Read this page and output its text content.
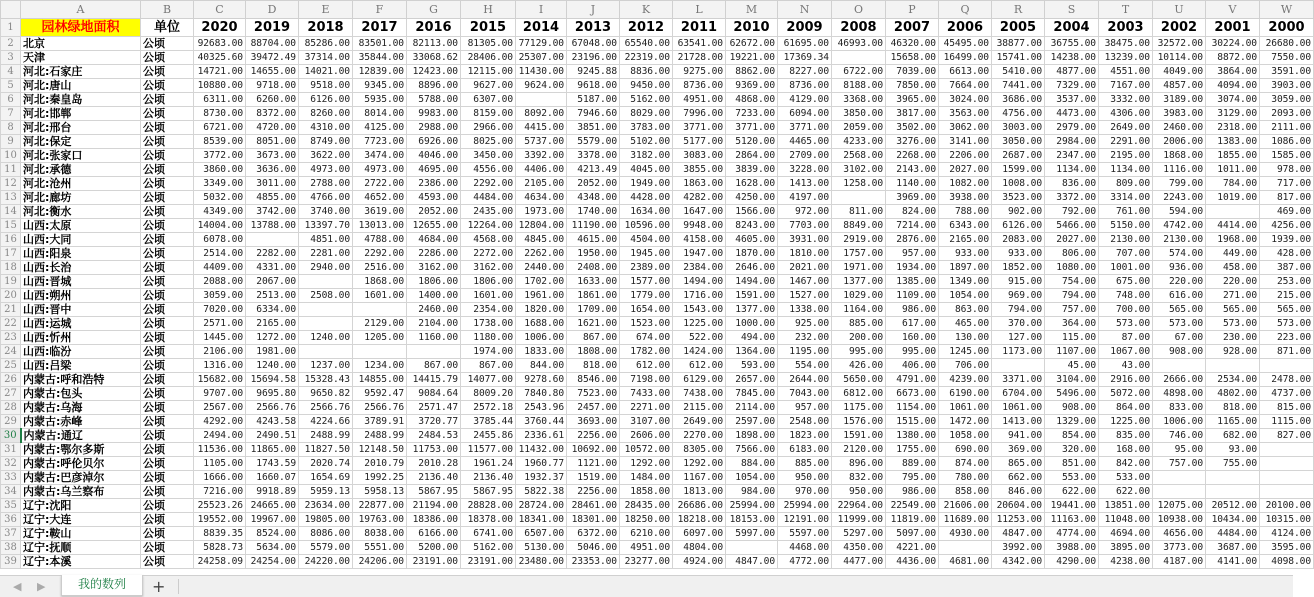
	A	B	C	D	E	F	G	H	I	J	K	L	M	N	O	P	Q	R	S	T	U	V	W
1	园林绿地面积	单位	2020	2019	2018	2017	2016	2015	2014	2013	2012	2011	2010	2009	2008	2007	2006	2005	2004	2003	2002	2001	2000
2	北京	公顷	92683.00	88704.00	85286.00	83501.00	82113.00	81305.00	77129.00	67048.00	65540.00	63541.00	62672.00	61695.00	46993.00	46320.00	45495.00	38877.00	36755.00	38475.00	32572.00	30224.00	26680.00
3	天津	公顷	40325.60	39472.49	37314.00	35844.00	33068.62	28406.00	25307.00	23196.00	22319.00	21728.00	19221.00	17369.34		15658.00	16499.00	15741.00	14238.00	13239.00	10114.00	8872.00	7550.00
4	河北:石家庄	公顷	14721.00	14655.00	14021.00	12839.00	12423.00	12115.00	11430.00	9245.88	8836.00	9275.00	8862.00	8227.00	6722.00	7039.00	6613.00	5410.00	4877.00	4551.00	4049.00	3864.00	3591.00
5	河北:唐山	公顷	10880.00	9718.00	9518.00	9345.00	8896.00	9627.00	9624.00	9618.00	9450.00	8736.00	9369.00	8736.00	8188.00	7850.00	7664.00	7441.00	7329.00	7167.00	4857.00	4094.00	3903.00
6	河北:秦皇岛	公顷	6311.00	6260.00	6126.00	5935.00	5788.00	6307.00		5187.00	5162.00	4951.00	4868.00	4129.00	3368.00	3965.00	3024.00	3686.00	3537.00	3332.00	3189.00	3074.00	3059.00
7	河北:邯郸	公顷	8730.00	8372.00	8260.00	8014.00	9983.00	8159.00	8092.00	7946.60	8029.00	7996.00	7233.00	6094.00	3850.00	3817.00	3563.00	4756.00	4473.00	4306.00	3983.00	3129.00	2093.00
8	河北:邢台	公顷	6721.00	4720.00	4310.00	4125.00	2988.00	2966.00	4415.00	3851.00	3783.00	3771.00	3771.00	3771.00	2059.00	3502.00	3062.00	3003.00	2979.00	2649.00	2460.00	2318.00	2111.00
9	河北:保定	公顷	8539.00	8051.00	8749.00	7723.00	6926.00	8025.00	5737.00	5579.00	5102.00	5177.00	5120.00	4465.00	4233.00	3276.00	3141.00	3050.00	2984.00	2291.00	2006.00	1383.00	1086.00
10	河北:张家口	公顷	3772.00	3673.00	3622.00	3474.00	4046.00	3450.00	3392.00	3378.00	3182.00	3083.00	2864.00	2709.00	2568.00	2268.00	2206.00	2687.00	2347.00	2195.00	1868.00	1855.00	1585.00
11	河北:承德	公顷	3860.00	3636.00	4973.00	4973.00	4695.00	4556.00	4406.00	4213.49	4045.00	3855.00	3839.00	3228.00	3102.00	2143.00	2027.00	1599.00	1134.00	1134.00	1116.00	1011.00	978.00
12	河北:沧州	公顷	3349.00	3011.00	2788.00	2722.00	2386.00	2292.00	2105.00	2052.00	1949.00	1863.00	1628.00	1413.00	1258.00	1140.00	1082.00	1008.00	836.00	809.00	799.00	784.00	717.00
13	河北:廊坊	公顷	5032.00	4855.00	4766.00	4652.00	4593.00	4484.00	4634.00	4348.00	4428.00	4282.00	4250.00	4197.00		3969.00	3938.00	3523.00	3372.00	3314.00	2243.00	1019.00	817.00
14	河北:衡水	公顷	4349.00	3742.00	3740.00	3619.00	2052.00	2435.00	1973.00	1740.00	1634.00	1647.00	1566.00	972.00	811.00	824.00	788.00	902.00	792.00	761.00	594.00		469.00
15	山西:太原	公顷	14004.00	13788.00	13397.70	13013.00	12655.00	12264.00	12804.00	11190.00	10596.00	9948.00	8243.00	7703.00	8849.00	7214.00	6343.00	6126.00	5466.00	5150.00	4742.00	4414.00	4256.00
16	山西:大同	公顷	6078.00		4851.00	4788.00	4684.00	4568.00	4845.00	4615.00	4504.00	4158.00	4605.00	3931.00	2919.00	2876.00	2165.00	2083.00	2027.00	2130.00	2130.00	1968.00	1939.00
17	山西:阳泉	公顷	2514.00	2282.00	2281.00	2292.00	2286.00	2272.00	2262.00	1950.00	1945.00	1947.00	1870.00	1810.00	1757.00	957.00	933.00	933.00	806.00	707.00	574.00	449.00	428.00
18	山西:长治	公顷	4409.00	4331.00	2940.00	2516.00	3162.00	3162.00	2440.00	2408.00	2389.00	2384.00	2646.00	2021.00	1971.00	1934.00	1897.00	1852.00	1080.00	1001.00	936.00	458.00	387.00
19	山西:晋城	公顷	2088.00	2067.00		1868.00	1806.00	1806.00	1702.00	1633.00	1577.00	1494.00	1494.00	1467.00	1377.00	1385.00	1349.00	915.00	754.00	675.00	220.00	220.00	253.00
20	山西:朔州	公顷	3059.00	2513.00	2508.00	1601.00	1400.00	1601.00	1961.00	1861.00	1779.00	1716.00	1591.00	1527.00	1029.00	1109.00	1054.00	969.00	794.00	748.00	616.00	271.00	215.00
21	山西:晋中	公顷	7020.00	6334.00			2460.00	2354.00	1820.00	1709.00	1654.00	1543.00	1377.00	1338.00	1164.00	986.00	863.00	794.00	757.00	700.00	565.00	565.00	565.00
22	山西:运城	公顷	2571.00	2165.00		2129.00	2104.00	1738.00	1688.00	1621.00	1523.00	1225.00	1000.00	925.00	885.00	617.00	465.00	370.00	364.00	573.00	573.00	573.00	573.00
23	山西:忻州	公顷	1445.00	1272.00	1240.00	1205.00	1160.00	1180.00	1006.00	867.00	674.00	522.00	494.00	232.00	200.00	160.00	130.00	127.00	115.00	87.00	67.00	230.00	223.00
24	山西:临汾	公顷	2106.00	1981.00				1974.00	1833.00	1808.00	1782.00	1424.00	1364.00	1195.00	995.00	995.00	1245.00	1173.00	1107.00	1067.00	908.00	928.00	871.00
25	山西:吕梁	公顷	1316.00	1240.00	1237.00	1234.00	867.00	867.00	844.00	818.00	612.00	612.00	593.00	554.00	426.00	406.00	706.00		45.00	43.00			
26	内蒙古:呼和浩特	公顷	15682.00	15694.58	15328.43	14855.00	14415.79	14077.00	9278.60	8546.00	7198.00	6129.00	2657.00	2644.00	5650.00	4791.00	4239.00	3371.00	3104.00	2916.00	2666.00	2534.00	2478.00
27	内蒙古:包头	公顷	9707.00	9695.80	9650.82	9592.47	9084.64	8009.20	7840.80	7523.00	7433.00	7438.00	7845.00	7043.00	6812.00	6673.00	6190.00	6704.00	5496.00	5072.00	4898.00	4802.00	4737.00
28	内蒙古:乌海	公顷	2567.00	2566.76	2566.76	2566.76	2571.47	2572.18	2543.96	2457.00	2271.00	2115.00	2114.00	957.00	1175.00	1154.00	1061.00	1061.00	908.00	864.00	833.00	818.00	815.00
29	内蒙古:赤峰	公顷	4292.00	4243.58	4224.66	3789.91	3720.77	3785.44	3760.44	3693.00	3107.00	2649.00	2597.00	2548.00	1576.00	1515.00	1472.00	1413.00	1329.00	1225.00	1006.00	1165.00	1115.00
30	内蒙古:通辽	公顷	2494.00	2490.51	2488.99	2488.99	2484.53	2455.86	2336.61	2256.00	2606.00	2270.00	1898.00	1823.00	1591.00	1380.00	1058.00	941.00	854.00	835.00	746.00	682.00	827.00
31	内蒙古:鄂尔多斯	公顷	11536.00	11865.00	11827.50	12148.50	11753.00	11577.00	11432.00	10692.00	10572.00	8305.00	7566.00	6183.00	2120.00	1755.00	690.00	369.00	320.00	168.00	95.00	93.00	
32	内蒙古:呼伦贝尔	公顷	1105.00	1743.59	2020.74	2010.79	2010.28	1961.24	1960.77	1121.00	1292.00	1292.00	884.00	885.00	896.00	889.00	874.00	865.00	851.00	842.00	757.00	755.00	
33	内蒙古:巴彦淖尔	公顷	1666.00	1660.07	1654.69	1992.25	2136.40	2136.40	1932.37	1519.00	1484.00	1167.00	1054.00	950.00	832.00	795.00	780.00	662.00	553.00	533.00			
34	内蒙古:乌兰察布	公顷	7216.00	9918.89	5959.13	5958.13	5867.95	5867.95	5822.38	2256.00	1858.00	1813.00	984.00	970.00	950.00	986.00	858.00	846.00	622.00	622.00			
35	辽宁:沈阳	公顷	25523.26	24665.00	23634.00	22877.00	21194.00	28828.00	28724.00	28461.00	28435.00	26686.00	25994.00	25994.00	22964.00	22549.00	21606.00	20604.00	19441.00	13851.00	12075.00	20512.00	20100.00
36	辽宁:大连	公顷	19552.00	19967.00	19805.00	19763.00	18386.00	18378.00	18341.00	18301.00	18250.00	18218.00	18153.00	12191.00	11999.00	11819.00	11689.00	11253.00	11163.00	11048.00	10938.00	10434.00	10315.00
37	辽宁:鞍山	公顷	8839.35	8524.00	8086.00	8038.00	6166.00	6741.00	6507.00	6372.00	6210.00	6097.00	5997.00	5597.00	5297.00	5097.00	4930.00	4847.00	4774.00	4694.00	4656.00	4484.00	4124.00
38	辽宁:抚顺	公顷	5828.73	5634.00	5579.00	5551.00	5200.00	5162.00	5130.00	5046.00	4951.00	4804.00		4468.00	4350.00	4221.00		3992.00	3988.00	3895.00	3773.00	3687.00	3595.00
39	辽宁:本溪	公顷	24258.09	24254.00	24220.00	24206.00	23191.00	23191.00	23480.00	23353.00	23277.00	4924.00	4847.00	4772.00	4477.00	4436.00	4681.00	4342.00	4290.00	4238.00	4187.00	4141.00	4098.00
◀ ▶	我的数列	+
